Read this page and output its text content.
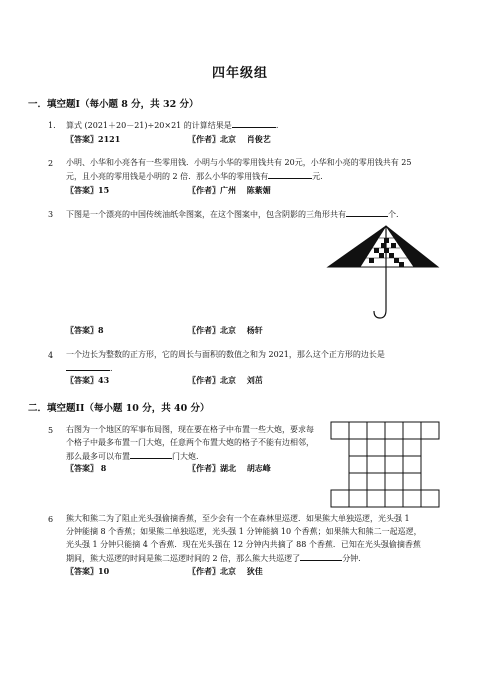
四年级组
一．填空题I（每小题 8 分，共 32 分）
1. 算式 (2021＋20－21)÷20×21 的计算结果是	.
〖答案〗2121	〖作者〗北京　 肖俊艺
2 小明、小华和小亮各有一些零用钱．小明与小华的零用钱共有 20元，小华和小亮的零用钱共有 25
元，且小亮的零用钱是小明的 2 倍．那么小华的零用钱有	元.
〖答案〗15	〖作者〗广州　 陈紫媚
3 下图是一个漂亮的中国传统油纸伞图案，在这个图案中，包含阴影的三角形共有	个.
〖答案〗8	〖作者〗北京　 杨轩
4 一个边长为整数的正方形，它的周长与面积的数值之和为 2021，那么这个正方形的边长是
.
〖答案〗43	〖作者〗北京　 刘茁
二．填空题II（每小题 10 分，共 40 分）
5 右图为一个地区的军事布局图，现在要在格子中布置一些大炮，要求每
个格子中最多布置一门大炮，任意两个布置大炮的格子不能有边相邻，
那么最多可以布置	门大炮.
〖答案〗 8	〖作者〗湖北　 胡志峰
6 熊大和熊二为了阻止光头强偷摘香蕉，至少会有一个在森林里巡逻．如果熊大单独巡逻，光头强 1
分钟能摘 8 个香蕉；如果熊二单独巡逻，光头强 1 分钟能摘 10 个香蕉；如果熊大和熊二一起巡逻，
光头强 1 分钟只能摘 4 个香蕉．现在光头强在 12 分钟内共摘了 88 个香蕉．已知在光头强偷摘香蕉
期间，熊大巡逻的时间是熊二巡逻时间的 2 倍，那么熊大共巡逻了	分钟.
〖答案〗10	〖作者〗北京　 狄佳
